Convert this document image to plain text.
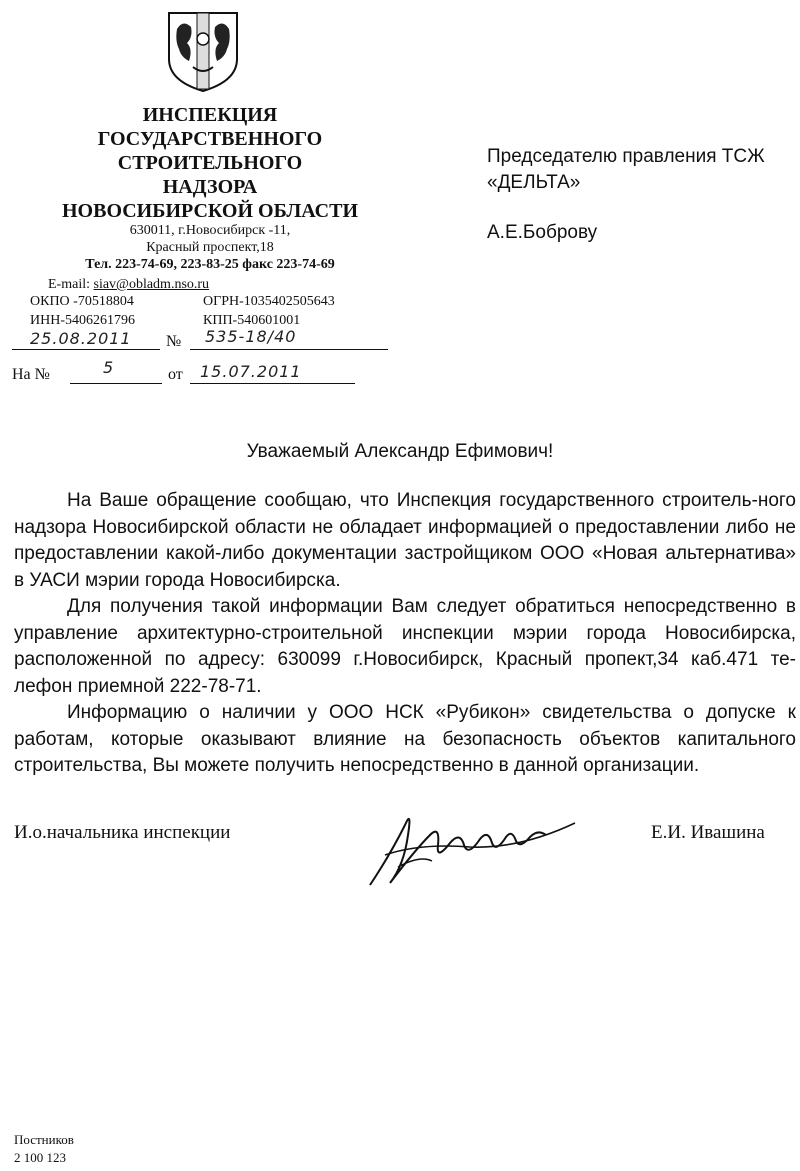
ИНСПЕКЦИЯ
ГОСУДАРСТВЕННОГО
СТРОИТЕЛЬНОГО
НАДЗОРА
НОВОСИБИРСКОЙ ОБЛАСТИ
630011, г.Новосибирск -11,
Красный проспект,18
Тел. 223-74-69, 223-83-25 факс 223-74-69
E-mail: siav@obladm.nso.ru
ОКПО -70518804	ОГРН-1035402505643
ИНН-5406261796	КПП-540601001
25.08.2011 № 535-18/40
На №	5	от 15.07.2011
Председателю правления ТСЖ
«ДЕЛЬТА»
А.Е.Боброву
Уважаемый Александр Ефимович!

На Ваше обращение сообщаю, что Инспекция государственного строитель-ного надзора Новосибирской области не обладает информацией о предоставлении либо не предоставлении какой-либо документации застройщиком ООО «Новая альтернатива» в УАСИ мэрии города Новосибирска.

Для получения такой информации Вам следует обратиться непосредственно в управление архитектурно-строительной инспекции мэрии города Новосибирска, расположенной по адресу: 630099 г.Новосибирск, Красный пропект,34 каб.471 те-лефон приемной 222-78-71.

Информацию о наличии у ООО НСК «Рубикон» свидетельства о допуске к работам, которые оказывают влияние на безопасность объектов капитального строительства, Вы можете получить непосредственно в данной организации.

И.о.начальника инспекции	Е.И. Ивашина
Постников
2 100 123
